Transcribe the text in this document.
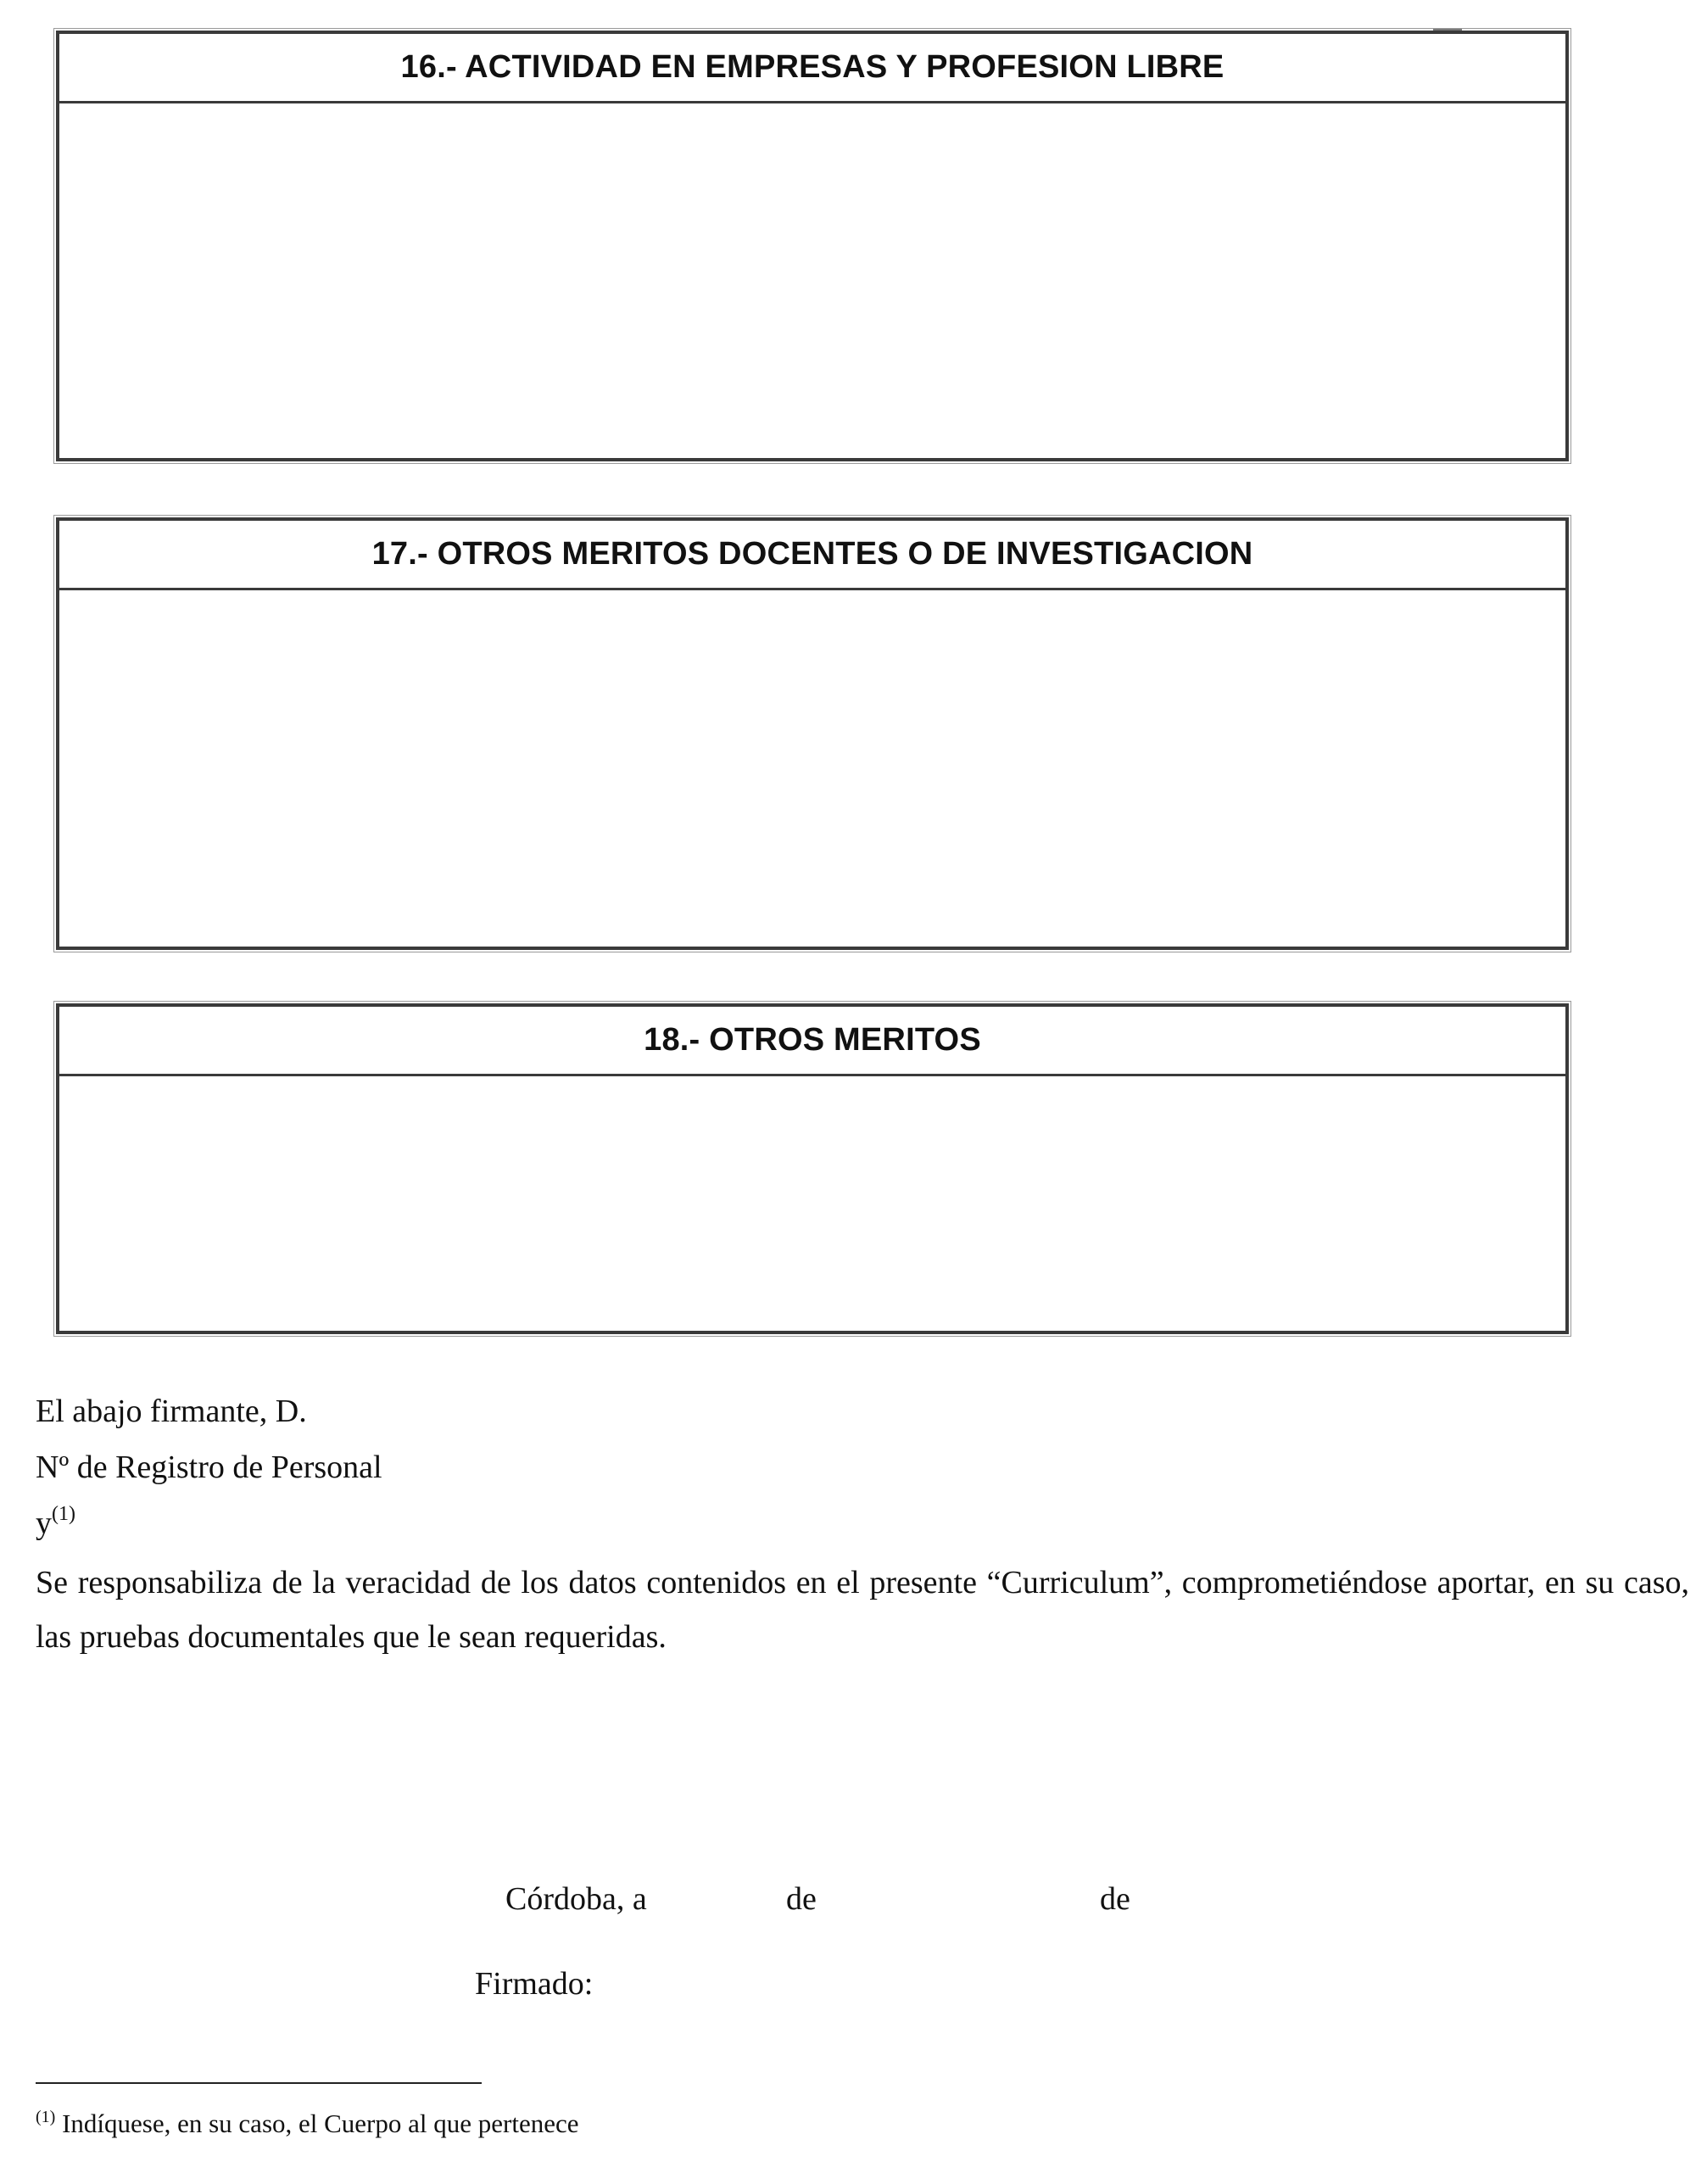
16.- ACTIVIDAD EN EMPRESAS Y PROFESION LIBRE
17.- OTROS MERITOS DOCENTES O DE INVESTIGACION
18.- OTROS MERITOS
El abajo firmante, D.
Nº de Registro de Personal
$y^{(1)}$
Se responsabiliza de la veracidad de los datos contenidos en el presente “Curriculum”, comprometiéndose aportar, en su caso, las pruebas documentales que le sean requeridas.
Córdoba, a	de	de
Firmado:
$^{(1)}$ Indíquese, en su caso, el Cuerpo al que pertenece
